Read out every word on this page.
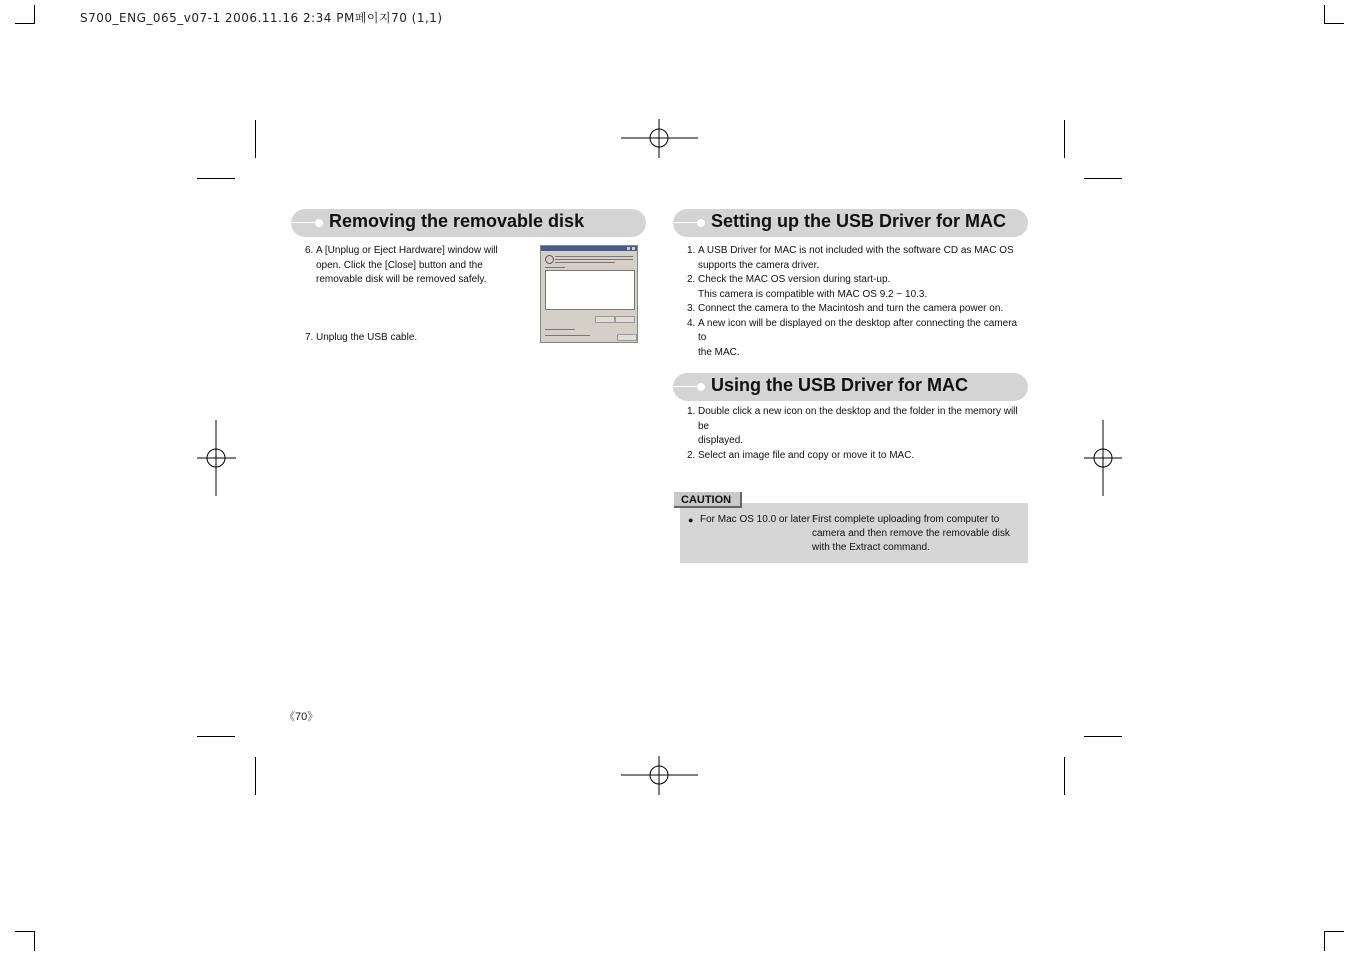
S700_ENG_065_v07-1 2006.11.16 2:34 PM페이지70 (1,1)
Removing the removable disk
6. A [Unplug or Eject Hardware] window will
open. Click the [Close] button and the
removable disk will be removed safely.
7. Unplug the USB cable.
Setting up the USB Driver for MAC
1. A USB Driver for MAC is not included with the software CD as MAC OS
supports the camera driver.
2. Check the MAC OS version during start-up.
This camera is compatible with MAC OS 9.2 ~ 10.3.
3. Connect the camera to the Macintosh and turn the camera power on.
4. A new icon will be displayed on the desktop after connecting the camera to
the MAC.
Using the USB Driver for MAC
1. Double click a new icon on the desktop and the folder in the memory will be
displayed.
2. Select an image file and copy or move it to MAC.
● For Mac OS 10.0 or later :
First complete uploading from computer to
camera and then remove the removable disk
with the Extract command.
CAUTION
《70》
